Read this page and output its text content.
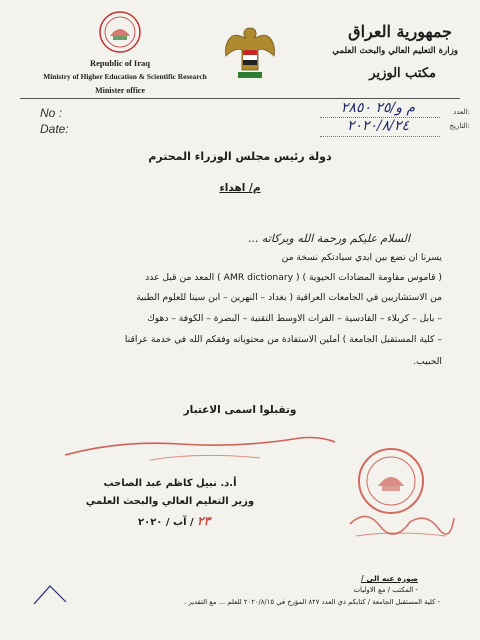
Republic of Iraq
Ministry of Higher Education & Scientific Research
Minister office
جمهورية العراق
وزارة التعليم العالي والبحث العلمي
مكتب الوزير
No :
Date:
م و/٢٥ ٢٨٥٠
٢٠٢٠/٨/٢٤
العدد:
التاريخ:
دولة رئيس مجلس الوزراء المحترم
م/ اهداء
السلام عليكم ورحمة الله وبركاته ...
يسرنا ان نضع بين ايدي سيادتكم نسخة من
( قاموس مقاومة المضادات الحيوية ) ( AMR dictionary ) المعد من قبل عدد
من الاستشاريين في الجامعات العراقية ( بغداد – النهرين – ابن سينا للعلوم الطبية
– بابل – كربلاء – القادسية – الفرات الاوسط التقنية – البصرة – الكوفة – دهوك
– كلية المستقبل الجامعة ) آملين الاستفادة من محتوياته وفقكم الله في خدمة عراقنا
الحبيب.
وتقبلوا اسمى الاعتبار
أ.د. نبيل كاظم عبد الصاحب
وزير التعليم العالي والبحث العلمي
٢٣ / آب / ٢٠٢٠
صورة عنه الى /
- المكتب / مع الاوليات
- كلية المستقبل الجامعة / كتابكم ذي العدد ٨٢٧ المؤرخ في ٢٠٢٠/٨/١٥ للعلم ... مع التقدير .
